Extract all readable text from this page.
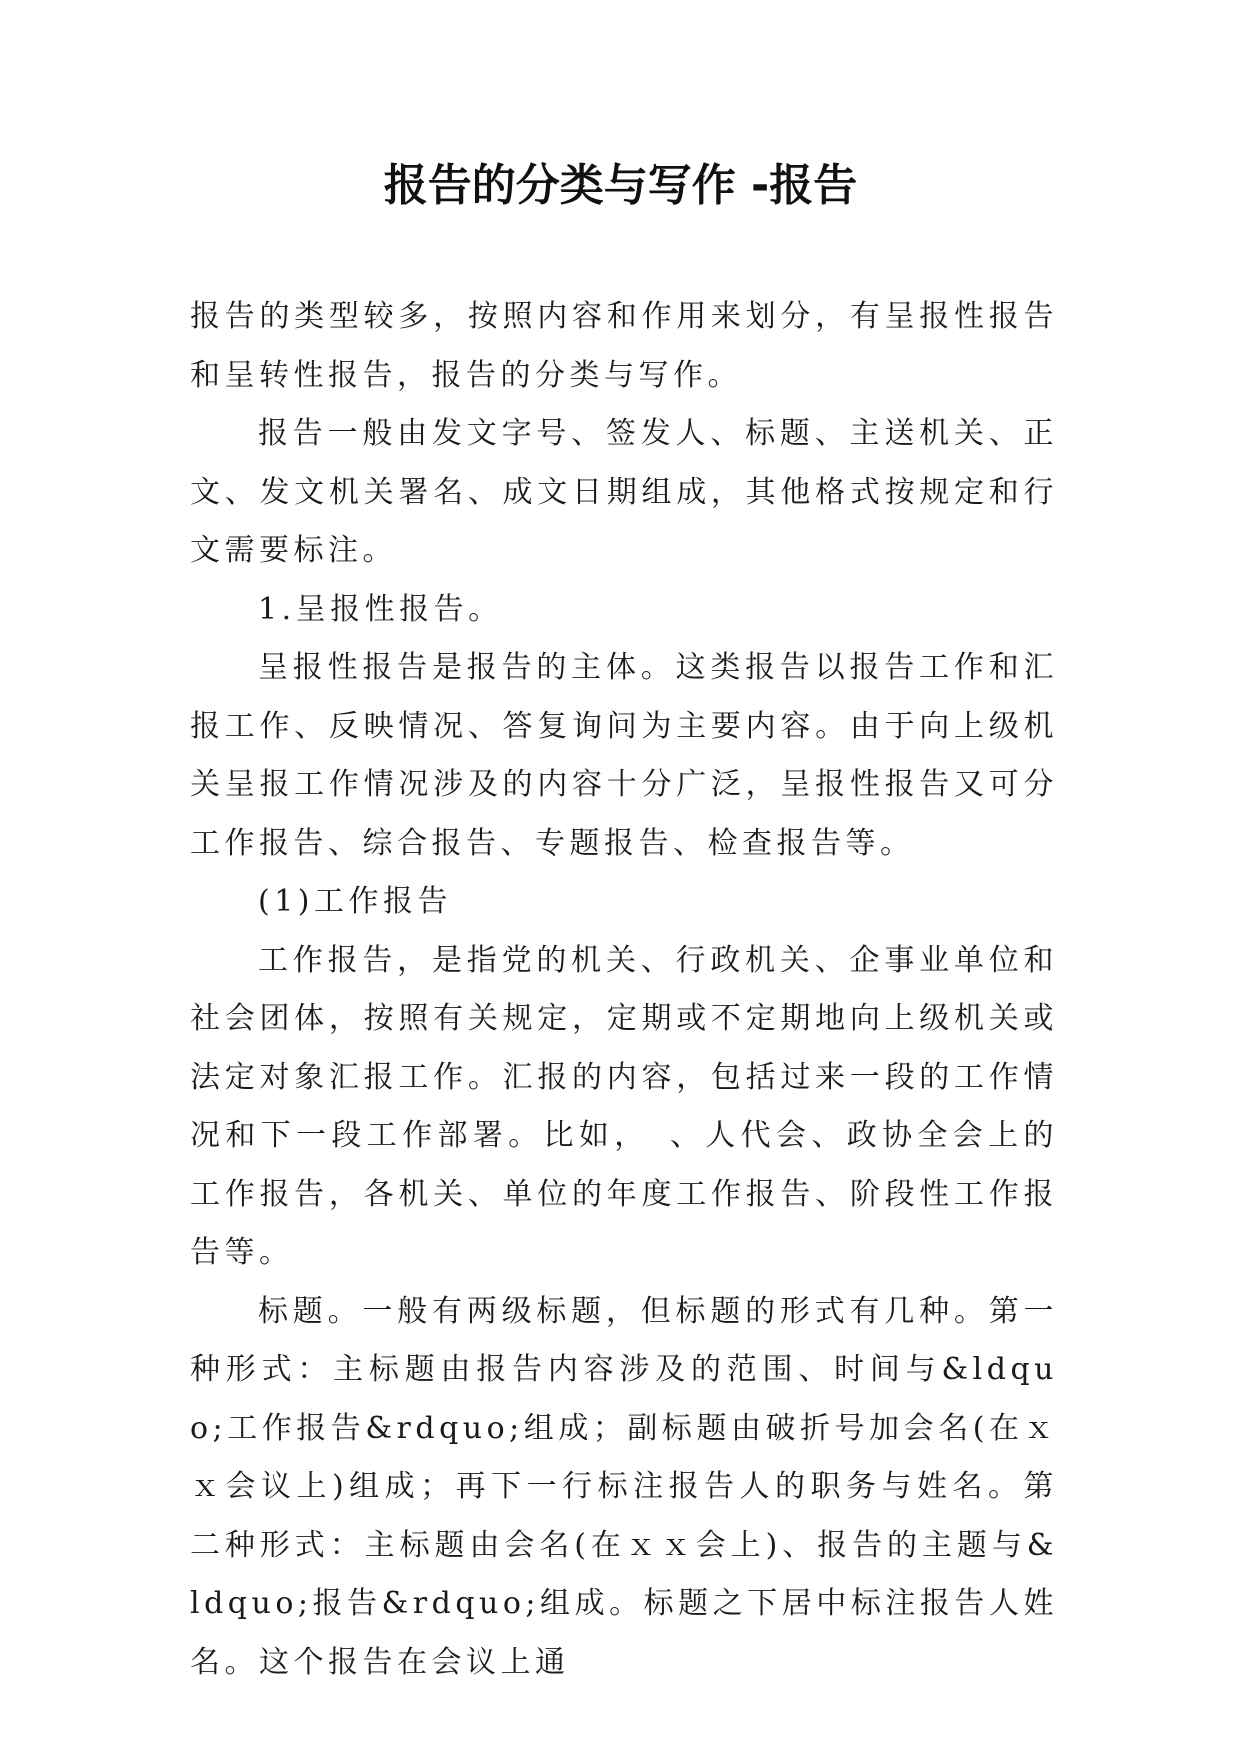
报告的分类与写作 -报告

报告的类型较多，按照内容和作用来划分，有呈报性报告和呈转性报告，报告的分类与写作。

报告一般由发文字号、签发人、标题、主送机关、正文、发文机关署名、成文日期组成，其他格式按规定和行文需要标注。

1.呈报性报告。

呈报性报告是报告的主体。这类报告以报告工作和汇报工作、反映情况、答复询问为主要内容。由于向上级机关呈报工作情况涉及的内容十分广泛，呈报性报告又可分工作报告、综合报告、专题报告、检查报告等。

(1)工作报告

工作报告，是指党的机关、行政机关、企事业单位和社会团体，按照有关规定，定期或不定期地向上级机关或法定对象汇报工作。汇报的内容，包括过来一段的工作情况和下一段工作部署。比如，　、人代会、政协全会上的工作报告，各机关、单位的年度工作报告、阶段性工作报告等。

标题。一般有两级标题，但标题的形式有几种。第一种形式：主标题由报告内容涉及的范围、时间与&ldquo;工作报告&rdquo;组成；副标题由破折号加会名(在ｘｘ会议上)组成；再下一行标注报告人的职务与姓名。第二种形式：主标题由会名(在ｘｘ会上)、报告的主题与&ldquo;报告&rdquo;组成。标题之下居中标注报告人姓名。这个报告在会议上通
